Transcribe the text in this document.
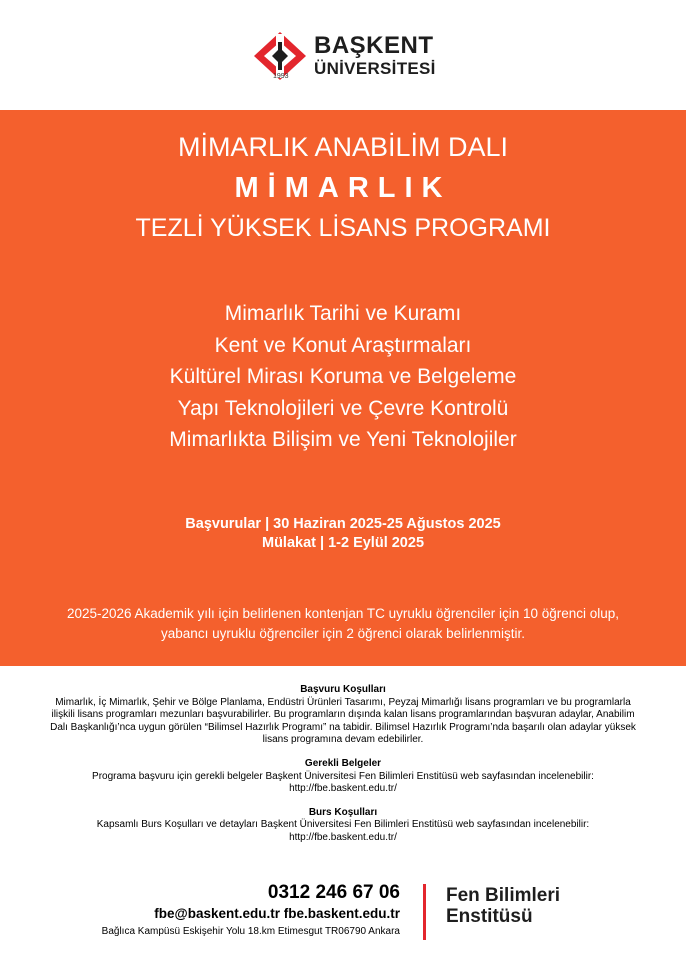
BAŞKENT
ÜNİVERSİTESİ
1993
MİMARLIK ANABİLİM DALI
MİMARLIK
TEZLİ YÜKSEK LİSANS PROGRAMI
Mimarlık Tarihi ve Kuramı
Kent ve Konut Araştırmaları
Kültürel Mirası Koruma ve Belgeleme
Yapı Teknolojileri ve Çevre Kontrolü
Mimarlıkta Bilişim ve Yeni Teknolojiler
Başvurular | 30 Haziran 2025-25 Ağustos 2025
Mülakat | 1-2 Eylül 2025
2025-2026 Akademik yılı için belirlenen kontenjan TC uyruklu öğrenciler için 10 öğrenci olup,
yabancı uyruklu öğrenciler için 2 öğrenci olarak belirlenmiştir.
Başvuru Koşulları
Mimarlık, İç Mimarlık, Şehir ve Bölge Planlama, Endüstri Ürünleri Tasarımı, Peyzaj Mimarlığı lisans programları ve bu programlarla
ilişkili lisans programları mezunları başvurabilirler. Bu programların dışında kalan lisans programlarından başvuran adaylar, Anabilim
Dalı Başkanlığı’nca uygun görülen “Bilimsel Hazırlık Programı” na tabidir. Bilimsel Hazırlık Programı’nda başarılı olan adaylar yüksek
lisans programına devam edebilirler.
Gerekli Belgeler
Programa başvuru için gerekli belgeler Başkent Üniversitesi Fen Bilimleri Enstitüsü web sayfasından incelenebilir:
http://fbe.baskent.edu.tr/
Burs Koşulları
Kapsamlı Burs Koşulları ve detayları Başkent Üniversitesi Fen Bilimleri Enstitüsü web sayfasından incelenebilir:
http://fbe.baskent.edu.tr/
0312 246 67 06
fbe@baskent.edu.tr fbe.baskent.edu.tr
Bağlıca Kampüsü Eskişehir Yolu 18.km Etimesgut TR06790 Ankara
Fen Bilimleri
Enstitüsü
